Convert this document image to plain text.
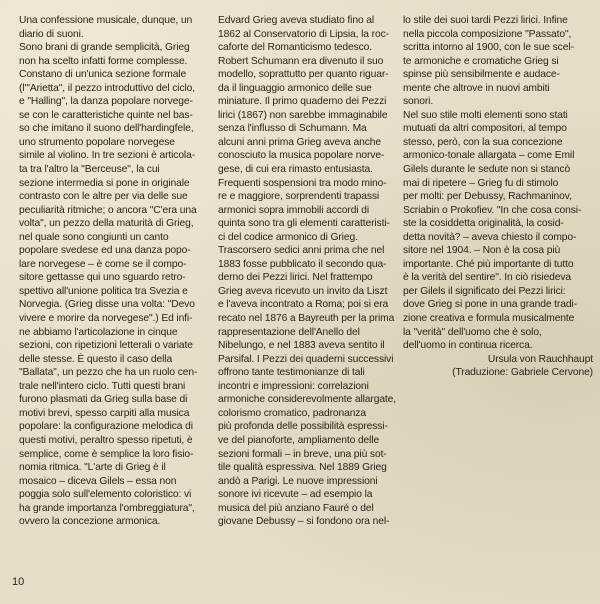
Una confessione musicale, dunque, un
diario di suoni.
Sono brani di grande semplicità, Grieg
non ha scelto infatti forme complesse.
Constano di un'unica sezione formale
(l'"Arietta", il pezzo introduttivo del ciclo,
e "Halling", la danza popolare norvege-
se con le caratteristiche quinte nel bas-
so che imitano il suono dell'hardingfele,
uno strumento popolare norvegese
simile al violino. In tre sezioni è articola-
ta tra l'altro la "Berceuse", la cui
sezione intermedia si pone in originale
contrasto con le altre per via delle sue
peculiarità ritmiche; o ancora "C'era una
volta", un pezzo della maturità di Grieg,
nel quale sono congiunti un canto
popolare svedese ed una danza popo-
lare norvegese – è come se il compo-
sitore gettasse qui uno sguardo retro-
spettivo all'unione politica tra Svezia e
Norvegia. (Grieg disse una volta: "Devo
vivere e morire da norvegese".) Ed infi-
ne abbiamo l'articolazione in cinque
sezioni, con ripetizioni letterali o variate
delle stesse. È questo il caso della
"Ballata", un pezzo che ha un ruolo cen-
trale nell'intero ciclo. Tutti questi brani
furono plasmati da Grieg sulla base di
motivi brevi, spesso carpiti alla musica
popolare: la configurazione melodica di
questi motivi, peraltro spesso ripetuti, è
semplice, come è semplice la loro fisio-
nomia ritmica. "L'arte di Grieg è il
mosaico – diceva Gilels – essa non
poggia solo sull'elemento coloristico: vi
ha grande importanza l'ombreggiatura",
ovvero la concezione armonica.
Edvard Grieg aveva studiato fino al
1862 al Conservatorio di Lipsia, la roc-
caforte del Romanticismo tedesco.
Robert Schumann era divenuto il suo
modello, soprattutto per quanto riguar-
da il linguaggio armonico delle sue
miniature. Il primo quaderno dei Pezzi
lirici (1867) non sarebbe immaginabile
senza l'influsso di Schumann. Ma
alcuni anni prima Grieg aveva anche
conosciuto la musica popolare norve-
gese, di cui era rimasto entusiasta.
Frequenti sospensioni tra modo mino-
re e maggiore, sorprendenti trapassi
armonici sopra immobili accordi di
quinta sono tra gli elementi caratteristi-
ci del codice armonico di Grieg.
Trascorsero sedici anni prima che nel
1883 fosse pubblicato il secondo qua-
derno dei Pezzi lirici. Nel frattempo
Grieg aveva ricevuto un invito da Liszt
e l'aveva incontrato a Roma; poi si era
recato nel 1876 a Bayreuth per la prima
rappresentazione dell'Anello del
Nibelungo, e nel 1883 aveva sentito il
Parsifal. I Pezzi dei quaderni successivi
offrono tante testimonianze di tali
incontri e impressioni: correlazioni
armoniche considerevolmente allargate,
colorismo cromatico, padronanza
più profonda delle possibilità espressi-
ve del pianoforte, ampliamento delle
sezioni formali – in breve, una più sot-
tile qualità espressiva. Nel 1889 Grieg
andò a Parigi. Le nuove impressioni
sonore ivi ricevute – ad esempio la
musica del più anziano Fauré o del
giovane Debussy – si fondono ora nel-
lo stile dei suoi tardi Pezzi lirici. Infine
nella piccola composizione "Passato",
scritta intorno al 1900, con le sue scel-
te armoniche e cromatiche Grieg si
spinse più sensibilmente e audace-
mente che altrove in nuovi ambiti
sonori.
Nel suo stile molti elementi sono stati
mutuati da altri compositori, al tempo
stesso, però, con la sua concezione
armonico-tonale allargata – come Emil
Gilels durante le sedute non si stancò
mai di ripetere – Grieg fu di stimolo
per molti: per Debussy, Rachmaninov,
Scriabin o Prokofiev. "In che cosa consi-
ste la cosiddetta originalità, la cosid-
detta novità? – aveva chiesto il compo-
sitore nel 1904. – Non è la cosa più
importante. Ché più importante di tutto
è la verità del sentire". In ciò risiedeva
per Gilels il significato dei Pezzi lirici:
dove Grieg si pone in una grande tradi-
zione creativa e formula musicalmente
la "verità" dell'uomo che è solo,
dell'uomo in continua ricerca.
Ursula von Rauchhaupt
(Traduzione: Gabriele Cervone)
10
